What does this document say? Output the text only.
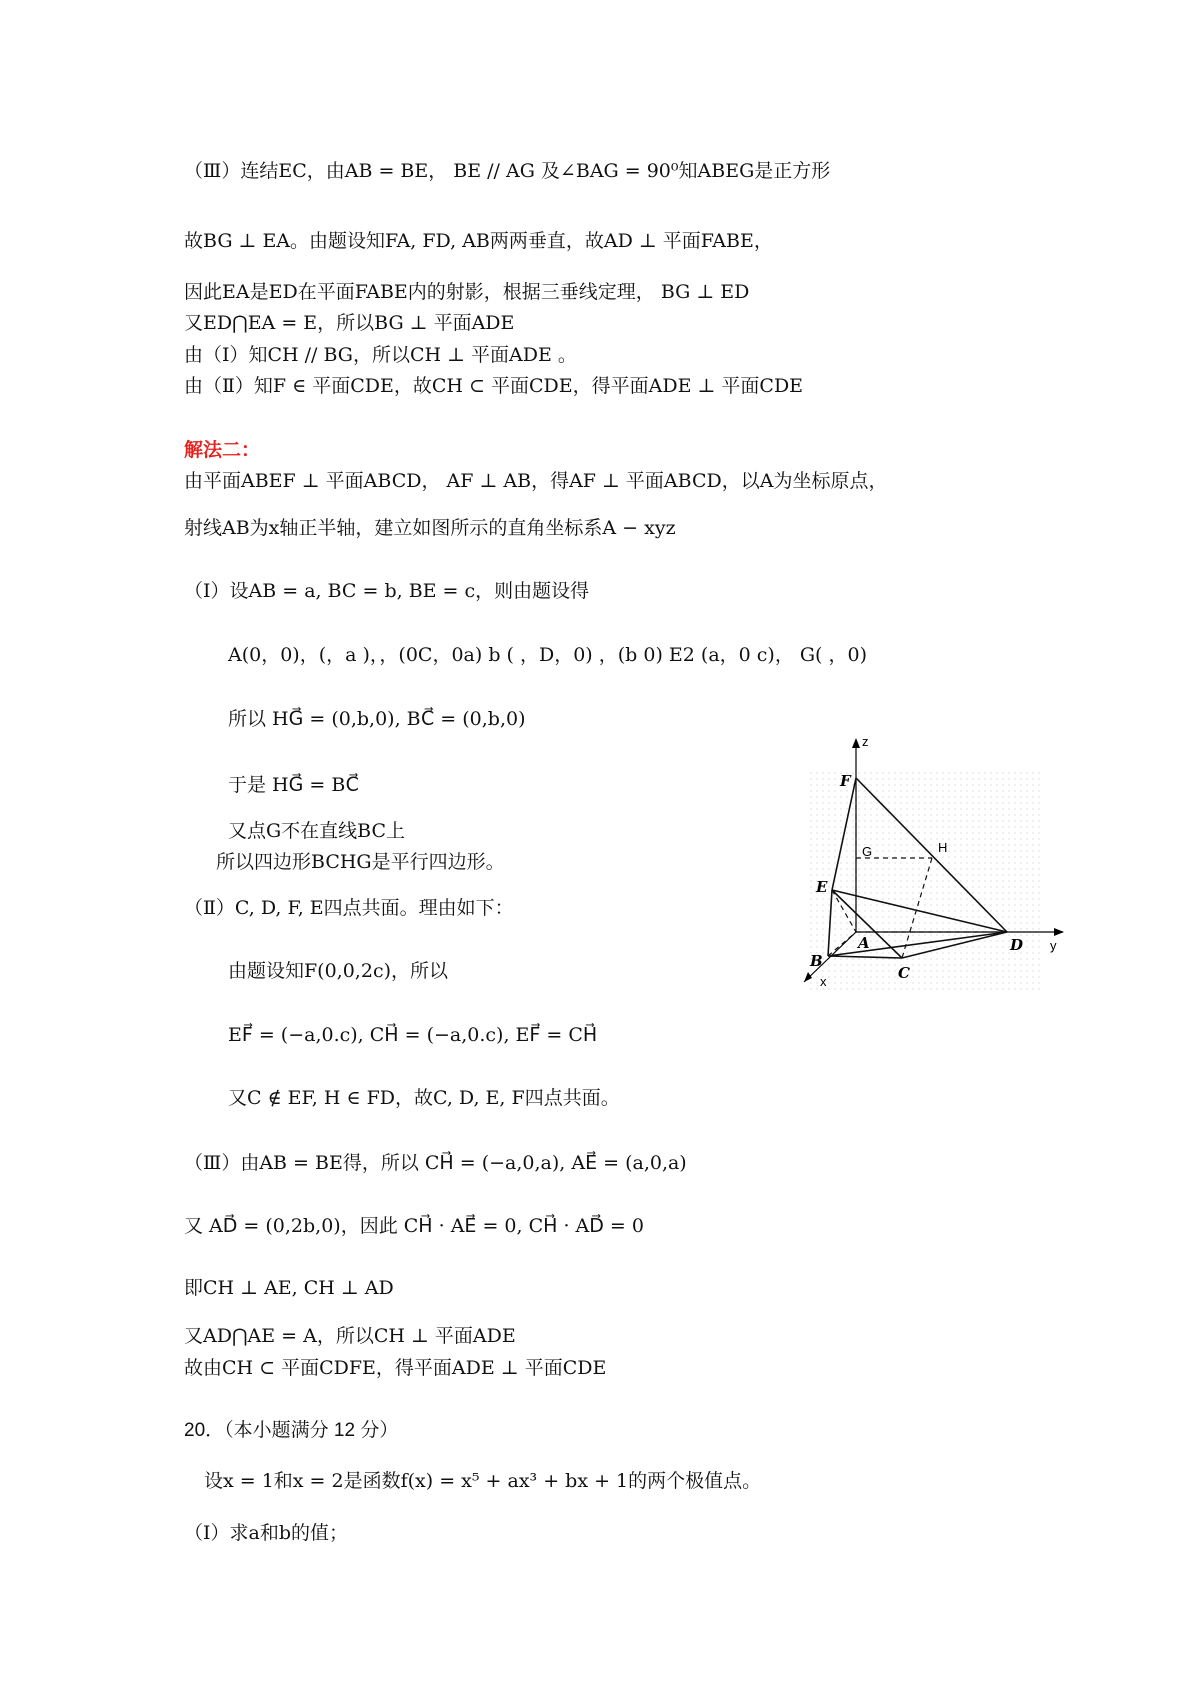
（Ⅲ）连结EC，由AB = BE， BE // AG 及∠BAG = 90⁰知ABEG是正方形
故BG ⊥ EA。由题设知FA, FD, AB两两垂直，故AD ⊥ 平面FABE，
因此EA是ED在平面FABE内的射影，根据三垂线定理， BG ⊥ ED
又ED⋂EA = E，所以BG ⊥ 平面ADE
由（Ⅰ）知CH // BG，所以CH ⊥ 平面ADE 。
由（Ⅱ）知F ∈ 平面CDE，故CH ⊂ 平面CDE，得平面ADE ⊥ 平面CDE
解法二：
由平面ABEF ⊥ 平面ABCD， AF ⊥ AB，得AF ⊥ 平面ABCD，以A为坐标原点，
射线AB为x轴正半轴，建立如图所示的直角坐标系A − xyz
（Ⅰ）设AB = a, BC = b, BE = c，则由题设得
A(0，0)，(，a )，，(0C，0a) b ( ，D，0) ，(b 0) E2 (a，0 c)， G( ，0)
所以 HG⃗ = (0,b,0), BC⃗ = (0,b,0)
于是 HG⃗ = BC⃗
又点G不在直线BC上
所以四边形BCHG是平行四边形。
（Ⅱ）C, D, F, E四点共面。理由如下：
由题设知F(0,0,2c)，所以
EF⃗ = (−a,0.c), CH⃗ = (−a,0.c), EF⃗ = CH⃗
又C ∉ EF, H ∈ FD，故C, D, E, F四点共面。
（Ⅲ）由AB = BE得，所以 CH⃗ = (−a,0,a), AE⃗ = (a,0,a)
又 AD⃗ = (0,2b,0)，因此 CH⃗ · AE⃗ = 0, CH⃗ · AD⃗ = 0
即CH ⊥ AE, CH ⊥ AD
又AD⋂AE = A，所以CH ⊥ 平面ADE
故由CH ⊂ 平面CDFE，得平面ADE ⊥ 平面CDE
20．（本小题满分 12 分）
设x = 1和x = 2是函数f(x) = x⁵ + ax³ + bx + 1的两个极值点。
（Ⅰ）求a和b的值；
z
y
x
F
G	H
E
A
B
C
D
